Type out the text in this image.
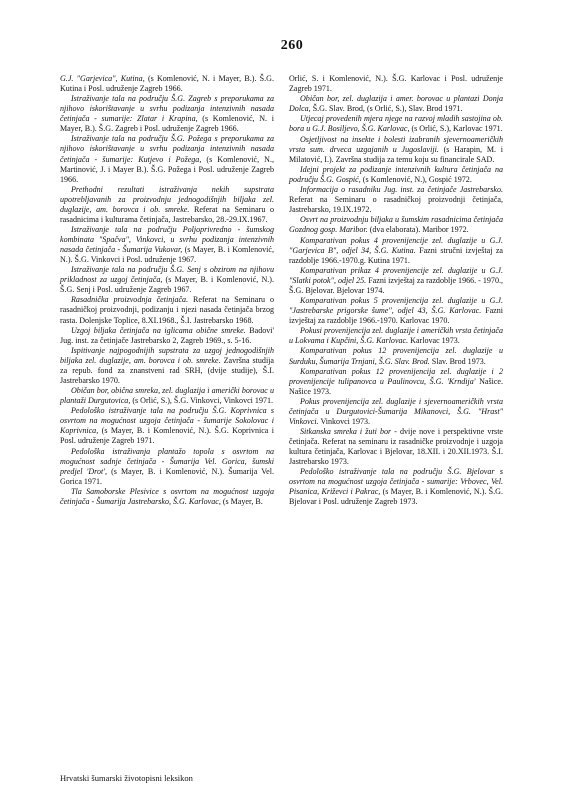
260

G.J. "Garjevica", Kutina, (s Komlenović, N. i Mayer, B.). Š.G. Kutina i Posl. udruženje Zagreb 1966.

Istraživanje tala na području Š.G. Zagreb s preporukama za njihovo iskorištavanje u svrhu podizanja intenzivnih nasada četinjača - sumarije: Zlatar i Krapina, (s Komlenović, N. i Mayer, B.). Š.G. Zagreb i Posl. udruženje Zagreb 1966.

Istraživanje tala na području Š.G. Požega s preporukama za njihovo iskorištavanje u svrhu podizanja intenzivnih nasada četinjača - šumarije: Kutjevo i Požega, (s Komlenović, N., Martinović, J. i Mayer B.). Š.G. Požega i Posl. udruženje Zagreb 1966.

Prethodni rezultati istraživanja nekih supstrata upotrebljavanih za proizvodnju jednogodišnjih biljaka zel. duglazije, am. borovca i ob. smreke. Referat na Seminaru o rasadnicima i kulturama četinjača, Jastrebarsko, 28.-29.IX.1967.

Istraživanje tala na području Poljoprivredno - šumskog kombinata "Spačva", Vinkovci, u svrhu podizanja intenzivnih nasada četinjača - Šumarija Vukovar, (s Mayer, B. i Komlenović, N.). Š.G. Vinkovci i Posl. udruženje 1967.

Istraživanje tala na području Š.G. Senj s obzirom na njihovu prikladnost za uzgoj četinjača, (s Mayer, B. i Komlenović, N.). Š.G. Senj i Posl. udruženje Zagreb 1967.

Rasadnička proizvodnja četinjača. Referat na Seminaru o rasadničkoj proizvodnji, podizanju i njezi nasada četinjača brzog rasta. Dolenjske Toplice, 8.XI.1968., Š.I. Jastrebarsko 1968.

Uzgoj biljaka četinjača na iglicama obične smreke. Badovi' Jug. inst. za četinjače Jastrebarsko 2, Zagreb 1969., s. 5-16.

Ispitivanje najpogodnijih supstrata za uzgoj jednogodišnjih biljaka zel. duglazije, am. borovca i ob. smreke. Završna studija za repub. fond za znanstveni rad SRH, (dvije studije), Š.I. Jastrebarsko 1970.

Običan bor, obična smreka, zel. duglazija i američki borovac u plantaži Durgutovica, (s Orlić, S.), Š.G. Vinkovci, Vinkovci 1971.

Pedološko istraživanje tala na području Š.G. Koprivnica s osvrtom na mogućnost uzgoja četinjača - šumarije Sokolovac i Koprivnica, (s Mayer, B. i Komlenović, N.). Š.G. Koprivnica i Posl. udruženje Zagreb 1971.

Pedološka istraživanja plantažo topola s osvrtom na mogućnost sadnje četinjača - Šumarija Vel. Gorica, šumski predjel 'Drot', (s Mayer, B. i Komlenović, N.). Šumarija Vel. Gorica 1971.

Tla Samoborske Plesivice s osvrtom na mogućnost uzgoja četinjača - Šumarija Jastrebarsko, Š.G. Karlovac, (s Mayer, B.

Orlić, S. i Komlenović, N.). Š.G. Karlovac i Posl. udruženje Zagreb 1971.

Običan bor, zel. duglazija i amer. borovac u plantazi Donja Dolca, Š.G. Slav. Brod, (s Orlić, S.), Slav. Brod 1971.

Utjecaj provedenih mjera njege na razvoj mladih sastojina ob. bora u G.J. Bosiljevo, Š.G. Karlovac, (s Orlić, S.), Karlovac 1971.

Osjetljivost na insekte i bolesti izabranih sjevernoameričkih vrsta sum. drveca uzgajanih u Jugoslaviji. (s Harapin, M. i Milatović, I.). Završna studija za temu koju su financirale SAD.

Idejni projekt za podizanje intenzivnih kultura četinjača na području Š.G. Gospić, (s Komlenović, N.), Gospić 1972.

Informacija o rasadniku Jug. inst. za četinjače Jastrebarsko. Referat na Seminaru o rasadničkoj proizvodnji četinjača, Jastrebarsko, 19.IX.1972.

Osvrt na proizvodnju biljaka u šumskim rasadnicima četinjača Gozdnog gosp. Maribor. (dva elaborata). Maribor 1972.

Komparativan pokus 4 provenijencije zel. duglazije u G.J. "Garjevica B", odjel 34, Š.G. Kutina. Fazni stručni izvještaj za razdoblje 1966.-1970.g. Kutina 1971.

Komparativan prikaz 4 provenijencije zel. duglazije u G.J. "Slatki potok", odjel 25. Fazni izvještaj za razdoblje 1966. - 1970., Š.G. Bjelovar. Bjelovar 1974.

Komparativan pokus 5 provenijencija zel. duglazije u G.J. "Jastrebarske prigorske šume", odjel 43, Š.G. Karlovac. Fazni izvještaj za razdoblje 1966.-1970. Karlovac 1970.

Pokusi provenijencija zel. duglazije i američkih vrsta četinjača u Lokvama i Kupčini, Š.G. Karlovac. Karlovac 1973.

Komparativan pokus 12 provenijencija zel. duglazije u Surduku, Šumarija Trnjani, Š.G. Slav. Brod. Slav. Brod 1973.

Komparativan pokus 12 provenijencija zel. duglazije i 2 provenijencije tulipanovca u Paulinovcu, Š.G. 'Krndija' Našice. Našice 1973.

Pokus provenijencija zel. duglazije i sjevernoameričkih vrsta četinjača u Durgutovici-Šumarija Mikanovci, Š.G. "Hrast" Vinkovci. Vinkovci 1973.

Sitkanska smreka i žuti bor - dvije nove i perspektivne vrste četinjača. Referat na seminaru iz rasadničke proizvodnje i uzgoja kultura četinjača, Karlovac i Bjelovar, 18.XII. i 20.XII.1973. Š.I. Jastrebarsko 1973.

Pedološko istraživanje tala na području Š.G. Bjelovar s osvrtom na mogućnost uzgoja četinjača - sumarije: Vrbovec, Vel. Pisanica, Križevci i Pakrac, (s Mayer, B. i Komlenović, N.). Š.G. Bjelovar i Posl. udruženje Zagreb 1973.

Hrvatski šumarski životopisni leksikon
